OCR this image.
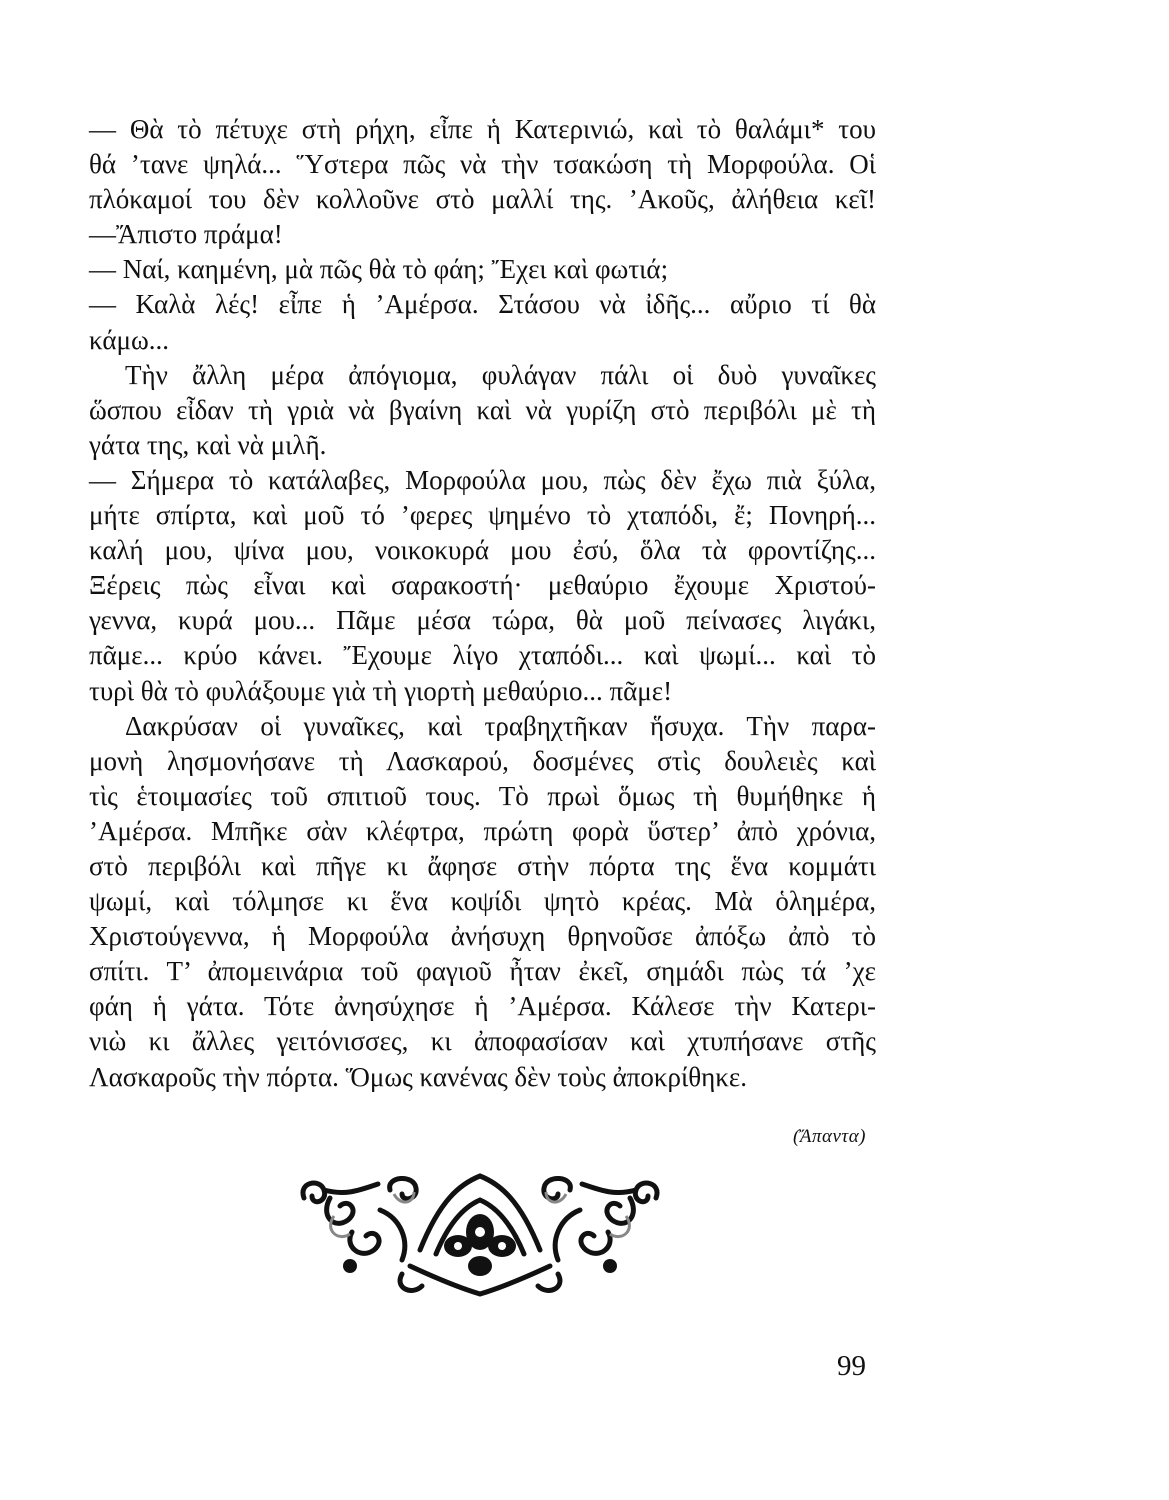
— Θὰ τὸ πέτυχε στὴ ρήχη, εἶπε ἡ Κατερινιώ, καὶ τὸ θαλάμι* του
θά ’τανε ψηλά... Ὕστερα πῶς νὰ τὴν τσακώση τὴ Μορφούλα. Οἱ
πλόκαμοί του δὲν κολλοῦνε στὸ μαλλί της. ’Ακοῦς, ἀλήθεια κεῖ!
—Ἄπιστο πράμα!
— Ναί, καημένη, μὰ πῶς θὰ τὸ φάη; Ἔχει καὶ φωτιά;
— Καλὰ λές! εἶπε ἡ ’Αμέρσα. Στάσου νὰ ἰδῆς... αὔριο τί θὰ
κάμω...
Τὴν ἄλλη μέρα ἀπόγιομα, φυλάγαν πάλι οἱ δυὸ γυναῖκες
ὥσπου εἶδαν τὴ γριὰ νὰ βγαίνη καὶ νὰ γυρίζη στὸ περιβόλι μὲ τὴ
γάτα της, καὶ νὰ μιλῆ.
— Σήμερα τὸ κατάλαβες, Μορφούλα μου, πὼς δὲν ἔχω πιὰ ξύλα,
μήτε σπίρτα, καὶ μοῦ τό ’φερες ψημένο τὸ χταπόδι, ἔ; Πονηρή...
καλή μου, ψίνα μου, νοικοκυρά μου ἐσύ, ὅλα τὰ φροντίζης...
Ξέρεις πὼς εἶναι καὶ σαρακοστή· μεθαύριο ἔχουμε Χριστού-
γεννα, κυρά μου... Πᾶμε μέσα τώρα, θὰ μοῦ πείνασες λιγάκι,
πᾶμε... κρύο κάνει. Ἔχουμε λίγο χταπόδι... καὶ ψωμί... καὶ τὸ
τυρὶ θὰ τὸ φυλάξουμε γιὰ τὴ γιορτὴ μεθαύριο... πᾶμε!
Δακρύσαν οἱ γυναῖκες, καὶ τραβηχτῆκαν ἥσυχα. Τὴν παρα-
μονὴ λησμονήσανε τὴ Λασκαρού, δοσμένες στὶς δουλειὲς καὶ
τὶς ἑτοιμασίες τοῦ σπιτιοῦ τους. Τὸ πρωὶ ὅμως τὴ θυμήθηκε ἡ
’Αμέρσα. Μπῆκε σὰν κλέφτρα, πρώτη φορὰ ὕστερ’ ἀπὸ χρόνια,
στὸ περιβόλι καὶ πῆγε κι ἄφησε στὴν πόρτα της ἕνα κομμάτι
ψωμί, καὶ τόλμησε κι ἕνα κοψίδι ψητὸ κρέας. Μὰ ὁλημέρα,
Χριστούγεννα, ἡ Μορφούλα ἀνήσυχη θρηνοῦσε ἀπόξω ἀπὸ τὸ
σπίτι. Τ’ ἀπομεινάρια τοῦ φαγιοῦ ἦταν ἐκεῖ, σημάδι πὼς τά ’χε
φάη ἡ γάτα. Τότε ἀνησύχησε ἡ ’Αμέρσα. Κάλεσε τὴν Κατερι-
νιὼ κι ἄλλες γειτόνισσες, κι ἀποφασίσαν καὶ χτυπήσανε στῆς
Λασκαροῦς τὴν πόρτα. Ὅμως κανένας δὲν τοὺς ἀποκρίθηκε.
(Ἄπαντα)
99
